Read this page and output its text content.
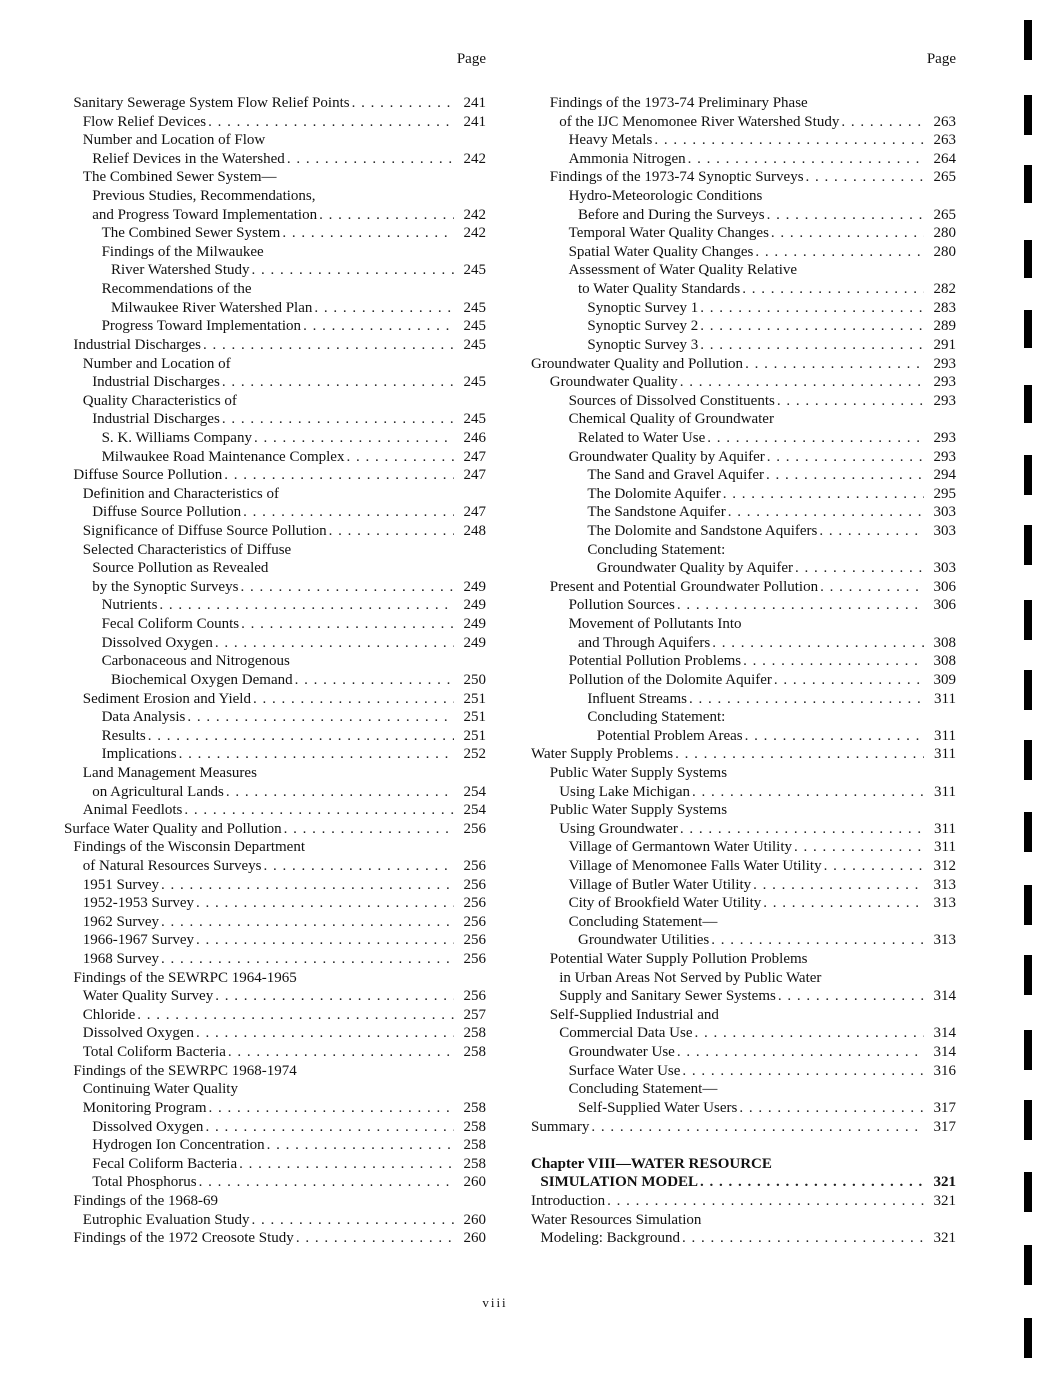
Page
Sanitary Sewerage System Flow Relief Points . . .	241
Flow Relief Devices . . .	241
Number and Location of Flow
Relief Devices in the Watershed . . .	242
The Combined Sewer System—
Previous Studies, Recommendations,
and Progress Toward Implementation . . .	242
The Combined Sewer System . . .	242
Findings of the Milwaukee
River Watershed Study . . .	245
Recommendations of the
Milwaukee River Watershed Plan . . .	245
Progress Toward Implementation . . .	245
Industrial Discharges . . .	245
Number and Location of
Industrial Discharges . . .	245
Quality Characteristics of
Industrial Discharges . . .	245
S. K. Williams Company . . .	246
Milwaukee Road Maintenance Complex . . .	247
Diffuse Source Pollution . . .	247
Definition and Characteristics of
Diffuse Source Pollution . . .	247
Significance of Diffuse Source Pollution . . .	248
Selected Characteristics of Diffuse
Source Pollution as Revealed
by the Synoptic Surveys . . .	249
Nutrients . . .	249
Fecal Coliform Counts . . .	249
Dissolved Oxygen . . .	249
Carbonaceous and Nitrogenous
Biochemical Oxygen Demand . . .	250
Sediment Erosion and Yield . . .	251
Data Analysis . . .	251
Results . . .	251
Implications . . .	252
Land Management Measures
on Agricultural Lands . . .	254
Animal Feedlots . . .	254
Surface Water Quality and Pollution . . .	256
Findings of the Wisconsin Department
of Natural Resources Surveys . . .	256
1951 Survey . . .	256
1952-1953 Survey . . .	256
1962 Survey . . .	256
1966-1967 Survey . . .	256
1968 Survey . . .	256
Findings of the SEWRPC 1964-1965
Water Quality Survey . . .	256
Chloride . . .	257
Dissolved Oxygen . . .	258
Total Coliform Bacteria . . .	258
Findings of the SEWRPC 1968-1974
Continuing Water Quality
Monitoring Program . . .	258
Dissolved Oxygen . . .	258
Hydrogen Ion Concentration . . .	258
Fecal Coliform Bacteria . . .	258
Total Phosphorus . . .	260
Findings of the 1968-69
Eutrophic Evaluation Study . . .	260
Findings of the 1972 Creosote Study . . .	260
Page
Findings of the 1973-74 Preliminary Phase
of the IJC Menomonee River Watershed Study . . .	263
Heavy Metals . . .	263
Ammonia Nitrogen . . .	264
Findings of the 1973-74 Synoptic Surveys . . .	265
Hydro-Meteorologic Conditions
Before and During the Surveys . . .	265
Temporal Water Quality Changes . . .	280
Spatial Water Quality Changes . . .	280
Assessment of Water Quality Relative
to Water Quality Standards . . .	282
Synoptic Survey 1 . . .	283
Synoptic Survey 2 . . .	289
Synoptic Survey 3 . . .	291
Groundwater Quality and Pollution . . .	293
Groundwater Quality . . .	293
Sources of Dissolved Constituents . . .	293
Chemical Quality of Groundwater
Related to Water Use . . .	293
Groundwater Quality by Aquifer . . .	293
The Sand and Gravel Aquifer . . .	294
The Dolomite Aquifer . . .	295
The Sandstone Aquifer . . .	303
The Dolomite and Sandstone Aquifers . . .	303
Concluding Statement:
Groundwater Quality by Aquifer . . .	303
Present and Potential Groundwater Pollution . . .	306
Pollution Sources . . .	306
Movement of Pollutants Into
and Through Aquifers . . .	308
Potential Pollution Problems . . .	308
Pollution of the Dolomite Aquifer . . .	309
Influent Streams . . .	311
Concluding Statement:
Potential Problem Areas . . .	311
Water Supply Problems . . .	311
Public Water Supply Systems
Using Lake Michigan . . .	311
Public Water Supply Systems
Using Groundwater . . .	311
Village of Germantown Water Utility . . .	311
Village of Menomonee Falls Water Utility . . .	312
Village of Butler Water Utility . . .	313
City of Brookfield Water Utility . . .	313
Concluding Statement—
Groundwater Utilities . . .	313
Potential Water Supply Pollution Problems
in Urban Areas Not Served by Public Water
Supply and Sanitary Sewer Systems . . .	314
Self-Supplied Industrial and
Commercial Data Use . . .	314
Groundwater Use . . .	314
Surface Water Use . . .	316
Concluding Statement—
Self-Supplied Water Users . . .	317
Summary . . .	317
Chapter VIII—WATER RESOURCE
SIMULATION MODEL . . .	321
Introduction . . .	321
Water Resources Simulation
Modeling: Background . . .	321
viii
